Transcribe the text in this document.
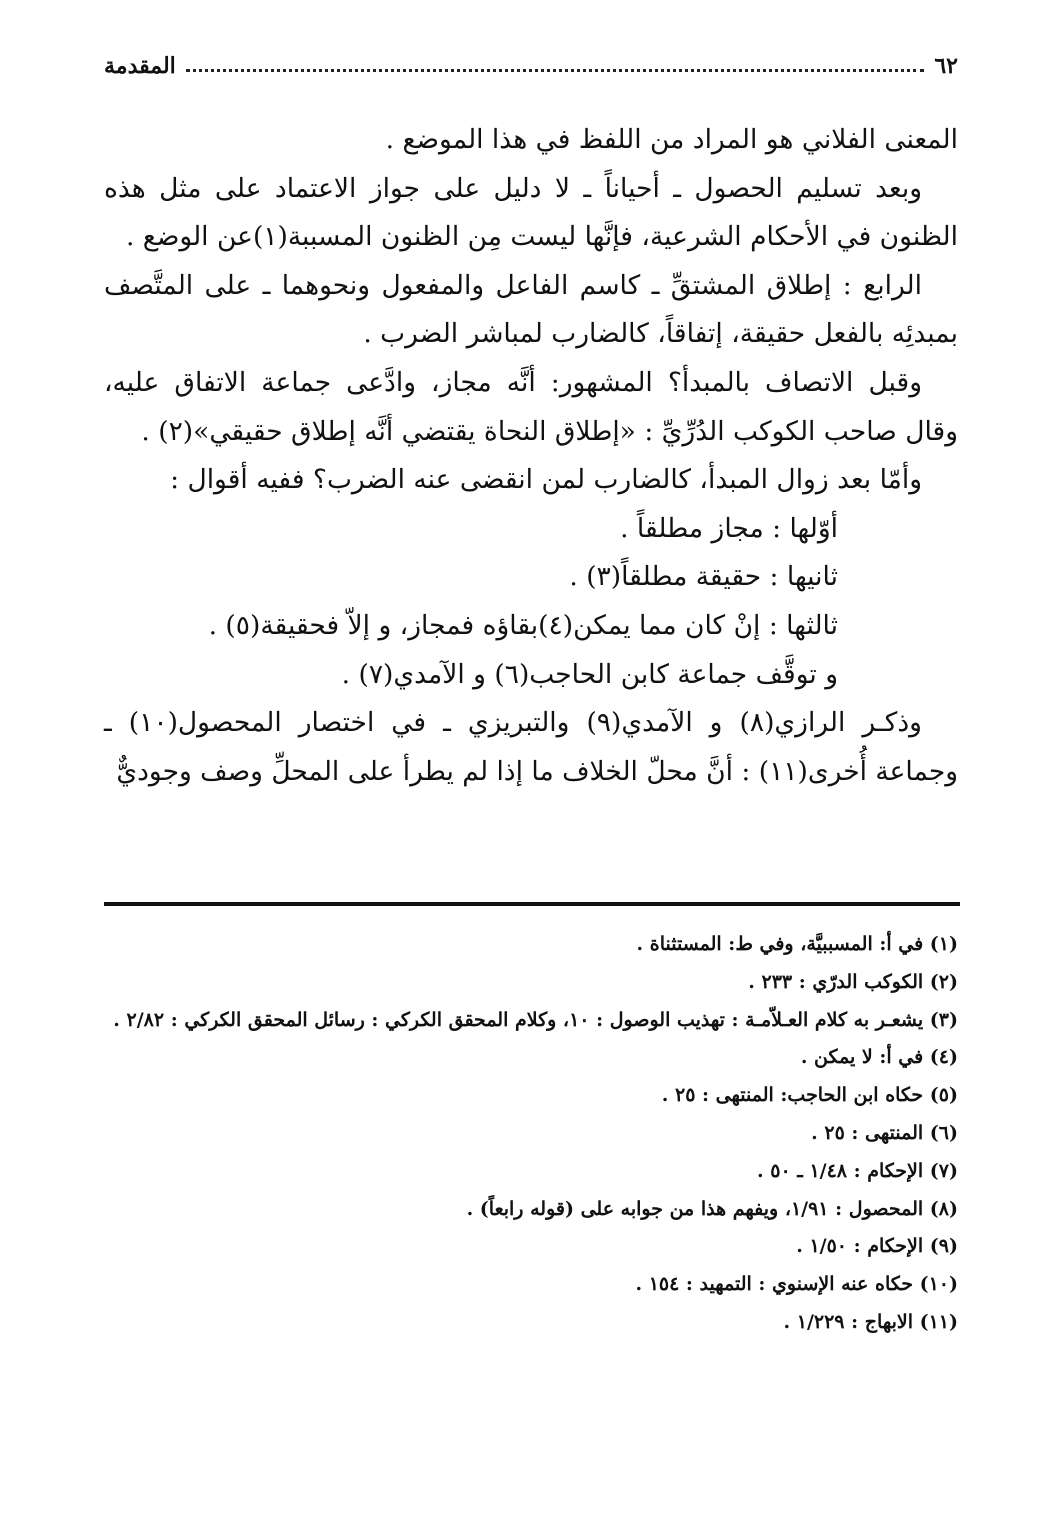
٦٢
المقدمة

المعنى الفلاني هو المراد من اللفظ في هذا الموضع .

وبعد تسليم الحصول ـ أحياناً ـ لا دليل على جواز الاعتماد على مثل هذه الظنون في الأحكام الشرعية، فإنَّها ليست مِن الظنون المسببة(١)عن الوضع .

الرابع : إطلاق المشتقِّ ـ كاسم الفاعل والمفعول ونحوهما ـ على المتَّصف بمبدئِه بالفعل حقيقة، إتفاقاً، كالضارب لمباشر الضرب .

وقبل الاتصاف بالمبدأ؟ المشهور: أنَّه مجاز، وادَّعى جماعة الاتفاق عليه، وقال صاحب الكوكب الدُرِّيِّ : «إطلاق النحاة يقتضي أنَّه إطلاق حقيقي»(٢) .

وأمّا بعد زوال المبدأ، كالضارب لمن انقضى عنه الضرب؟ ففيه أقوال :

أوّلها : مجاز مطلقاً .

ثانيها : حقيقة مطلقاً(٣) .

ثالثها : إنْ كان مما يمكن(٤)بقاؤه فمجاز، و إلاّ فحقيقة(٥) .

و توقَّف جماعة كابن الحاجب(٦) و الآمدي(٧) .

وذكـر الرازي(٨) و الآمدي(٩) والتبريزي ـ في اختصار المحصول(١٠) ـ وجماعة أُخرى(١١) : أنَّ محلّ الخلاف ما إذا لم يطرأ على المحلِّ وصف وجوديٌّ

(١) في أ: المسببيَّة، وفي ط: المستثناة .

(٢) الكوكب الدرّي : ٢٣٣ .

(٣) يشعـر به كلام العـلاّمـة : تهذيب الوصول : ١٠، وكلام المحقق الكركي : رسائل المحقق الكركي : ٢/٨٢ .

(٤) في أ: لا يمكن .

(٥) حكاه ابن الحاجب: المنتهى : ٢٥ .

(٦) المنتهى : ٢٥ .

(٧) الإحكام : ١/٤٨ ـ ٥٠ .

(٨) المحصول : ١/٩١، ويفهم هذا من جوابه على (قوله رابعاً) .

(٩) الإحكام : ١/٥٠ .

(١٠) حكاه عنه الإسنوي : التمهيد : ١٥٤ .

(١١) الابهاج : ١/٢٢٩ .
